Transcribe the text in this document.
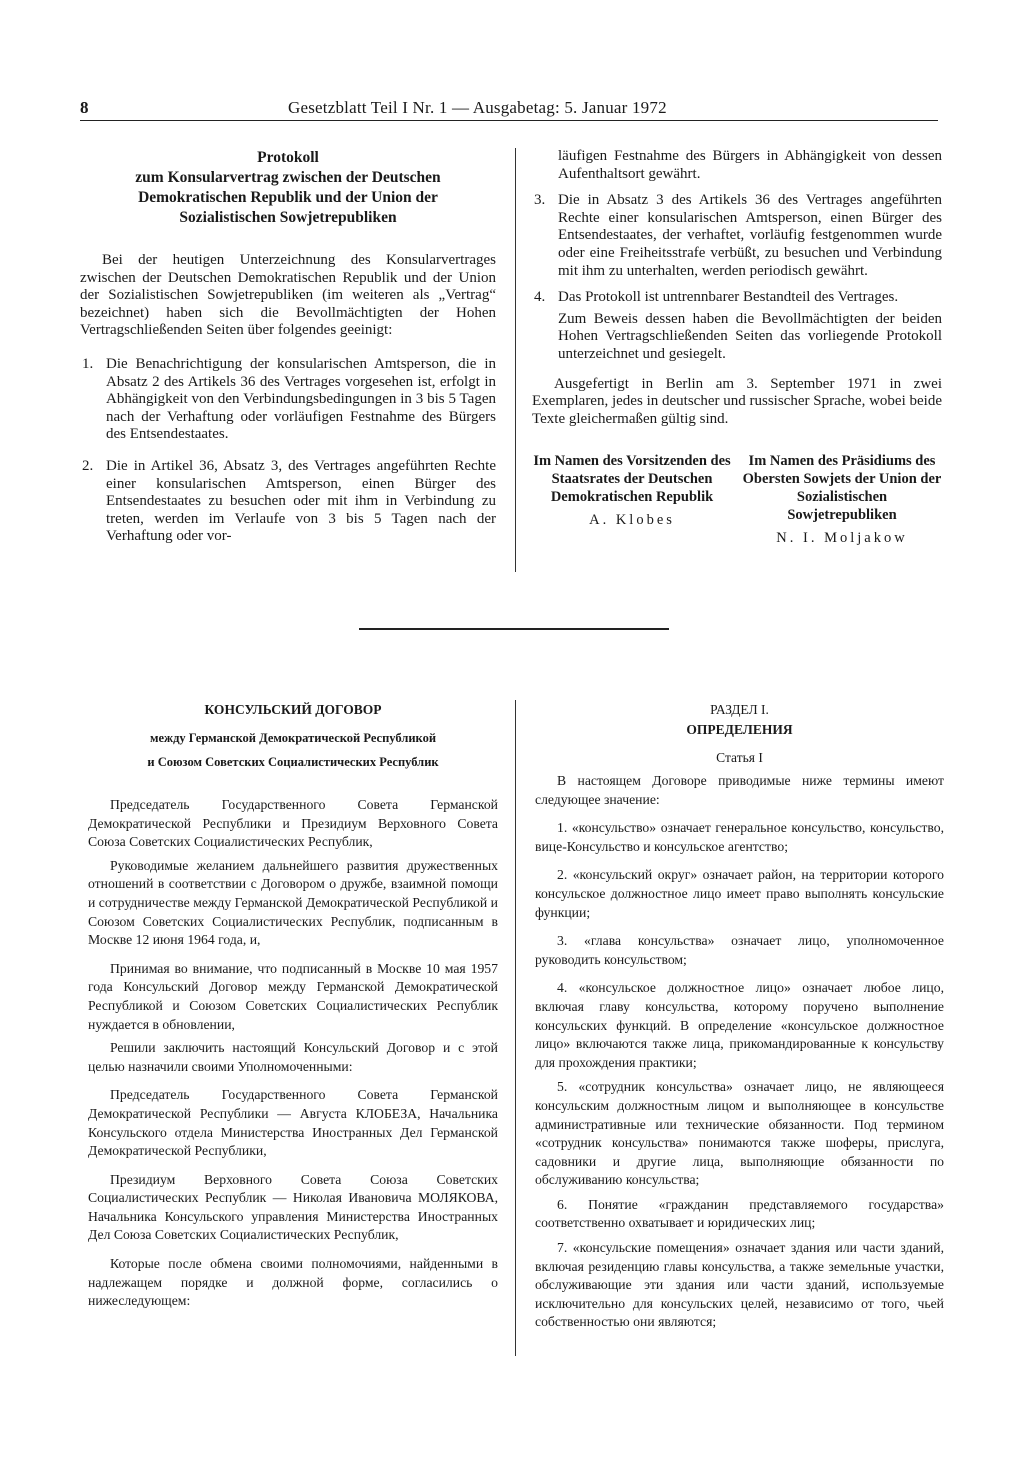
8	Gesetzblatt Teil I Nr. 1 — Ausgabetag: 5. Januar 1972

Protokoll

zum Konsularvertrag zwischen der Deutschen

Demokratischen Republik und der Union der

Sozialistischen Sowjetrepubliken

Bei der heutigen Unterzeichnung des Konsularvertrages zwischen der Deutschen Demokratischen Republik und der Union der Sozialistischen Sowjetrepubliken (im weiteren als „Vertrag“ bezeichnet) haben sich die Bevollmächtigten der Hohen Vertragschließenden Seiten über folgendes geeinigt:

1. Die Benachrichtigung der konsularischen Amtsperson, die in Absatz 2 des Artikels 36 des Vertrages vorgesehen ist, erfolgt in Abhängigkeit von den Verbindungsbedingungen in 3 bis 5 Tagen nach der Verhaftung oder vorläufigen Festnahme des Bürgers des Entsendestaates.

2. Die in Artikel 36, Absatz 3, des Vertrages angeführten Rechte einer konsularischen Amtsperson, einen Bürger des Entsendestaates zu besuchen oder mit ihm in Verbindung zu treten, werden im Verlaufe von 3 bis 5 Tagen nach der Verhaftung oder vor-

läufigen Festnahme des Bürgers in Abhängigkeit von dessen Aufenthaltsort gewährt.

3. Die in Absatz 3 des Artikels 36 des Vertrages angeführten Rechte einer konsularischen Amtsperson, einen Bürger des Entsendestaates, der verhaftet, vorläufig festgenommen wurde oder eine Freiheitsstrafe verbüßt, zu besuchen und Verbindung mit ihm zu unterhalten, werden periodisch gewährt.

4. Das Protokoll ist untrennbarer Bestandteil des Vertrages.

Zum Beweis dessen haben die Bevollmächtigten der beiden Hohen Vertragschließenden Seiten das vorliegende Protokoll unterzeichnet und gesiegelt.

Ausgefertigt in Berlin am 3. September 1971 in zwei Exemplaren, jedes in deutscher und russischer Sprache, wobei beide Texte gleichermaßen gültig sind.

Im Namen des Vorsitzenden des Staatsrates der Deutschen Demokratischen Republik
A. Klobes
Im Namen des Präsidiums des Obersten Sowjets der Union der Sozialistischen Sowjetrepubliken
N. I. Moljakow
КОНСУЛЬСКИЙ ДОГОВОР
между Германской Демократической Республикой
и Союзом Советских Социалистических Республик

Председатель Государственного Совета Германской Демократической Республики и Президиум Верховного Совета Союза Советских Социалистических Республик,

Руководимые желанием дальнейшего развития дружественных отношений в соответствии с Договором о дружбе, взаимной помощи и сотрудничестве между Германской Демократической Республикой и Союзом Советских Социалистических Республик, подписанным в Москве 12 июня 1964 года, и,

Принимая во внимание, что подписанный в Москве 10 мая 1957 года Консульский Договор между Германской Демократической Республикой и Союзом Советских Социалистических Республик нуждается в обновлении,

Решили заключить настоящий Консульский Договор и с этой целью назначили своими Уполномоченными:

Председатель Государственного Совета Германской Демократической Республики — Августа КЛОБЕЗА, Начальника Консульского отдела Министерства Иностранных Дел Германской Демократической Республики,

Президиум Верховного Совета Союза Советских Социалистических Республик — Николая Ивановича МОЛЯКОВА, Начальника Консульского управления Министерства Иностранных Дел Союза Советских Социалистических Республик,

Которые после обмена своими полномочиями, найденными в надлежащем порядке и должной форме, согласились о нижеследующем:

РАЗДЕЛ I.
ОПРЕДЕЛЕНИЯ
Статья I

В настоящем Договоре приводимые ниже термины имеют следующее значение:

1. «консульство» означает генеральное консульство, консульство, вице-Консульство и консульское агентство;

2. «консульский округ» означает район, на территории которого консульское должностное лицо имеет право выполнять консульские функции;

3. «глава консульства» означает лицо, уполномоченное руководить консульством;

4. «консульское должностное лицо» означает любое лицо, включая главу консульства, которому поручено выполнение консульских функций. В определение «консульское должностное лицо» включаются также лица, прикомандированные к консульству для прохождения практики;

5. «сотрудник консульства» означает лицо, не являющееся консульским должностным лицом и выполняющее в консульстве административные или технические обязанности. Под термином «сотрудник консульства» понимаются также шоферы, прислуга, садовники и другие лица, выполняющие обязанности по обслуживанию консульства;

6. Понятие «гражданин представляемого государства» соответственно охватывает и юридических лиц;

7. «консульские помещения» означает здания или части зданий, включая резиденцию главы консульства, а также земельные участки, обслуживающие эти здания или части зданий, используемые исключительно для консульских целей, независимо от того, чьей собственностью они являются;
